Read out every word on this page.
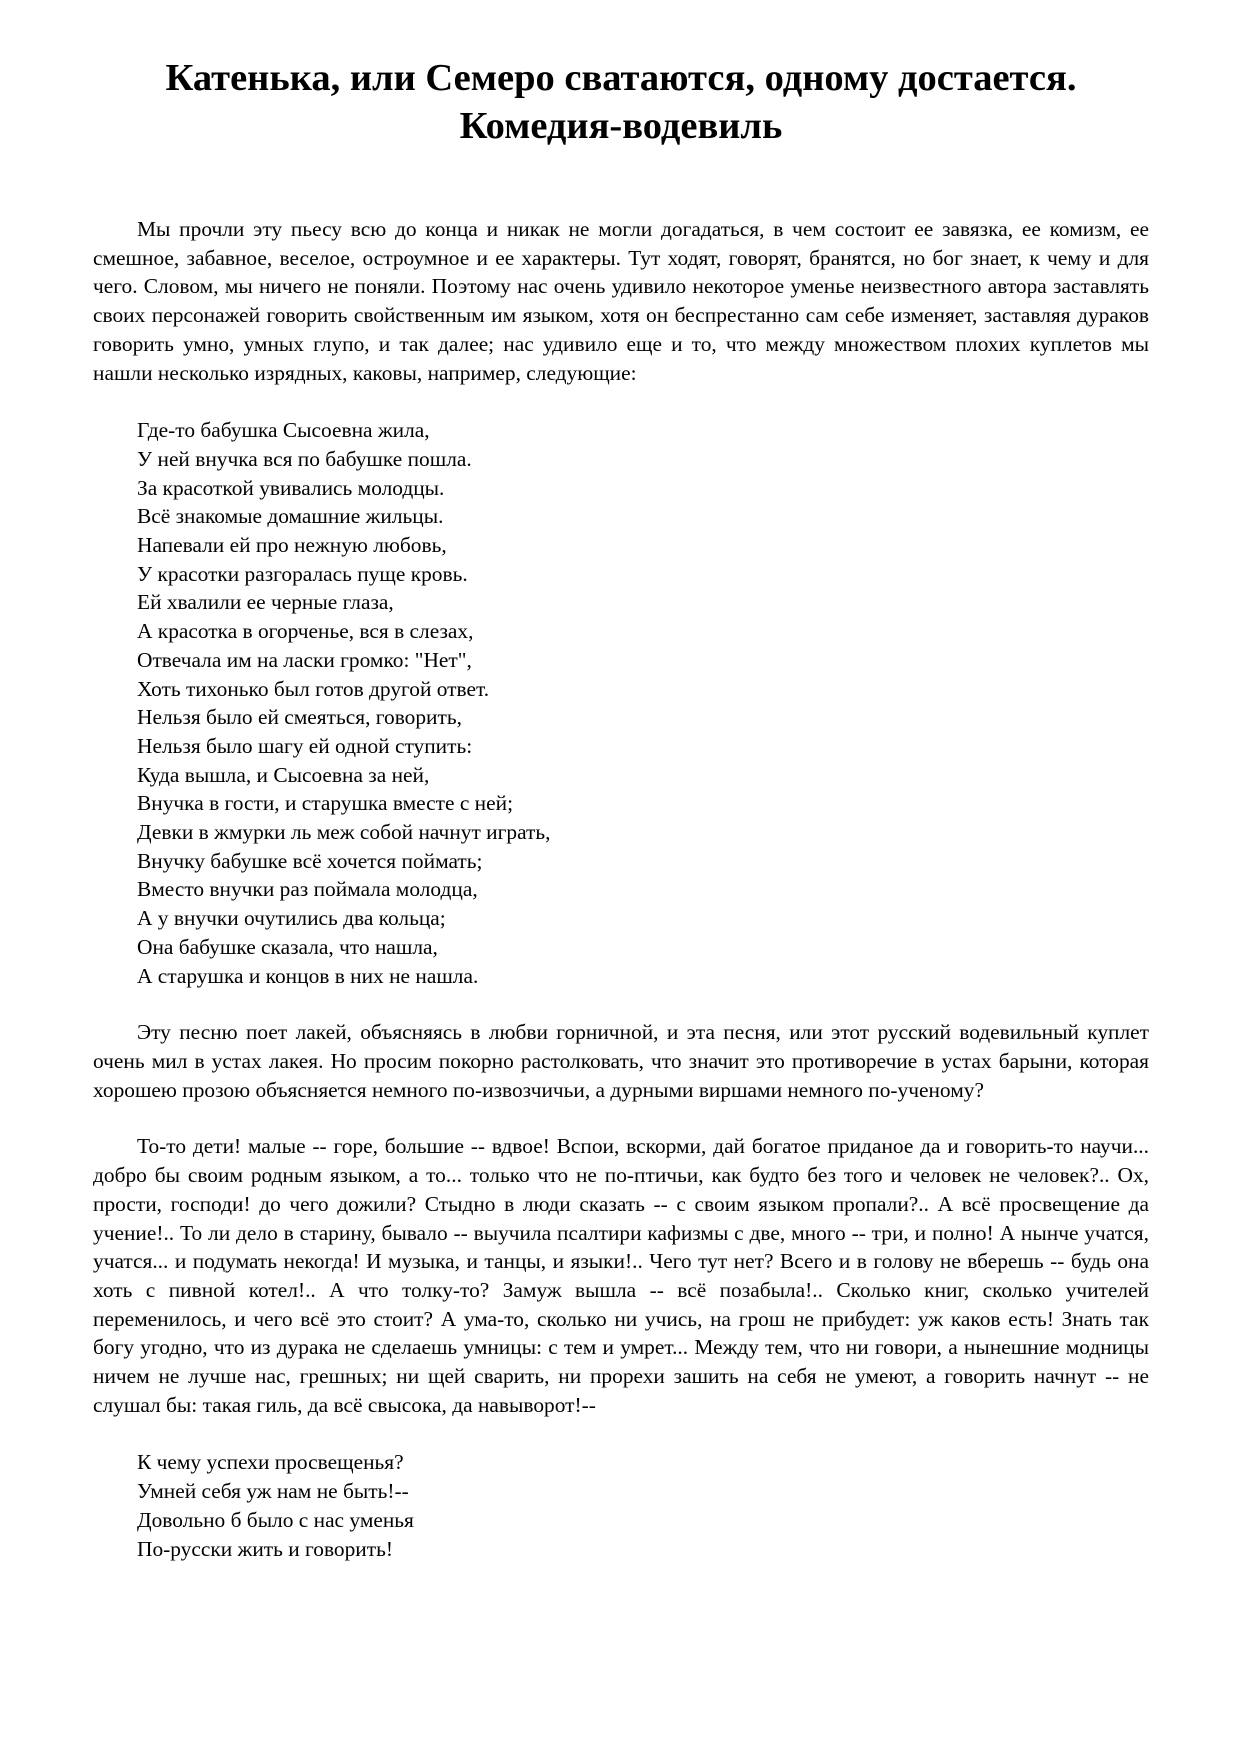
Катенька, или Семеро сватаются, одному достается.
Комедия-водевиль

Мы прочли эту пьесу всю до конца и никак не могли догадаться, в чем состоит ее завязка, ее комизм, ее смешное, забавное, веселое, остроумное и ее характеры. Тут ходят, говорят, бранятся, но бог знает, к чему и для чего. Словом, мы ничего не поняли. Поэтому нас очень удивило некоторое уменье неизвестного автора заставлять своих персонажей говорить свойственным им языком, хотя он беспрестанно сам себе изменяет, заставляя дураков говорить умно, умных глупо, и так далее; нас удивило еще и то, что между множеством плохих куплетов мы нашли несколько изрядных, каковы, например, следующие:

Где-то бабушка Сысоевна жила,
У ней внучка вся по бабушке пошла.
За красоткой увивались молодцы.
Всё знакомые домашние жильцы.
Напевали ей про нежную любовь,
У красотки разгоралась пуще кровь.
Ей хвалили ее черные глаза,
А красотка в огорченье, вся в слезах,
Отвечала им на ласки громко: "Нет",
Хоть тихонько был готов другой ответ.
Нельзя было ей смеяться, говорить,
Нельзя было шагу ей одной ступить:
Куда вышла, и Сысоевна за ней,
Внучка в гости, и старушка вместе с ней;
Девки в жмурки ль меж собой начнут играть,
Внучку бабушке всё хочется поймать;
Вместо внучки раз поймала молодца,
А у внучки очутились два кольца;
Она бабушке сказала, что нашла,
А старушка и концов в них не нашла.

Эту песню поет лакей, объясняясь в любви горничной, и эта песня, или этот русский водевильный куплет очень мил в устах лакея. Но просим покорно растолковать, что значит это противоречие в устах барыни, которая хорошею прозою объясняется немного по-извозчичьи, а дурными виршами немного по-ученому?

То-то дети! малые -- горе, большие -- вдвое! Вспои, вскорми, дай богатое приданое да и говорить-то научи... добро бы своим родным языком, а то... только что не по-птичьи, как будто без того и человек не человек?.. Ох, прости, господи! до чего дожили? Стыдно в люди сказать -- с своим языком пропали?.. А всё просвещение да учение!.. То ли дело в старину, бывало -- выучила псалтири кафизмы с две, много -- три, и полно! А нынче учатся, учатся... и подумать некогда! И музыка, и танцы, и языки!.. Чего тут нет? Всего и в голову не вберешь -- будь она хоть с пивной котел!.. А что толку-то? Замуж вышла -- всё позабыла!.. Сколько книг, сколько учителей переменилось, и чего всё это стоит? А ума-то, сколько ни учись, на грош не прибудет: уж каков есть! Знать так богу угодно, что из дурака не сделаешь умницы: с тем и умрет... Между тем, что ни говори, а нынешние модницы ничем не лучше нас, грешных; ни щей сварить, ни прорехи зашить на себя не умеют, а говорить начнут -- не слушал бы: такая гиль, да всё свысока, да навыворот!--

К чему успехи просвещенья?
Умней себя уж нам не быть!--
Довольно б было с нас уменья
По-русски жить и говорить!
